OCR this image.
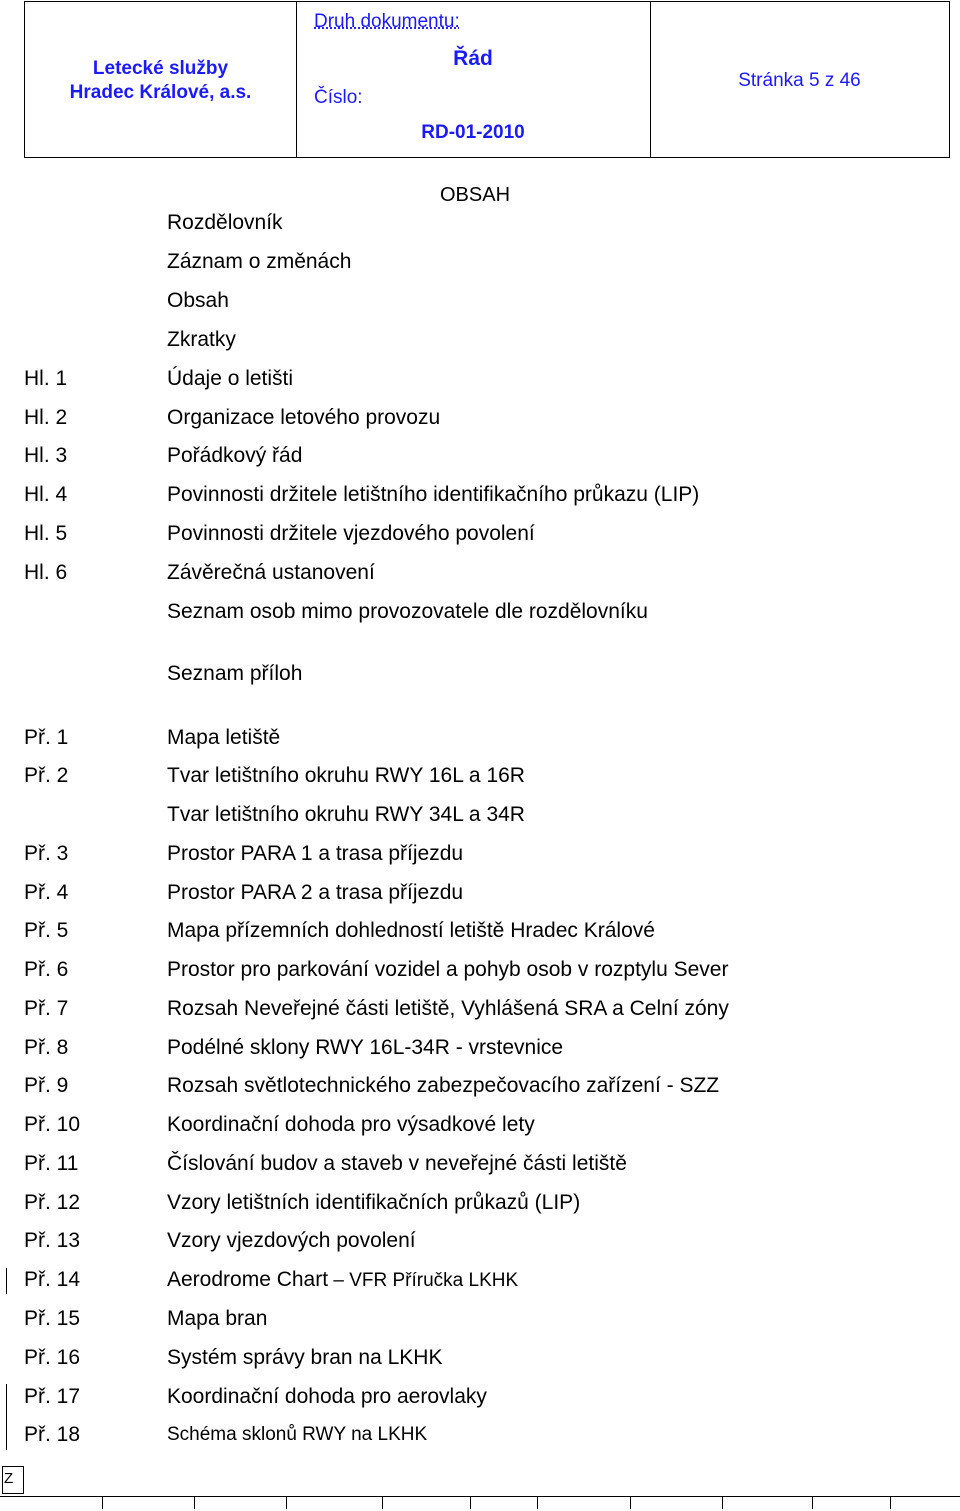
Letecké služby
Hradec Králové, a.s.
Druh dokumentu:
Řád
Číslo:
RD-01-2010
Stránka 5 z 46
OBSAH
Rozdělovník
Záznam o změnách
Obsah
Zkratky
Hl. 1	Údaje o letišti
Hl. 2	Organizace letového provozu
Hl. 3	Pořádkový řád
Hl. 4	Povinnosti držitele letištního identifikačního průkazu (LIP)
Hl. 5	Povinnosti držitele vjezdového povolení
Hl. 6	Závěrečná ustanovení
Seznam osob mimo provozovatele dle rozdělovníku
Seznam příloh
Př. 1	Mapa letiště
Př. 2	Tvar letištního okruhu RWY 16L a 16R
Tvar letištního okruhu RWY 34L a 34R
Př. 3	Prostor PARA 1 a trasa příjezdu
Př. 4	Prostor PARA 2 a trasa příjezdu
Př. 5	Mapa přízemních dohledností letiště Hradec Králové
Př. 6	Prostor pro parkování vozidel a pohyb osob v rozptylu Sever
Př. 7	Rozsah Neveřejné části letiště, Vyhlášená SRA a Celní zóny
Př. 8	Podélné sklony RWY 16L-34R - vrstevnice
Př. 9	Rozsah světlotechnického zabezpečovacího zařízení - SZZ
Př. 10	Koordinační dohoda pro výsadkové lety
Př. 11	Číslování budov a staveb v neveřejné části letiště
Př. 12	Vzory letištních identifikačních průkazů (LIP)
Př. 13	Vzory vjezdových povolení
Př. 14	Aerodrome Chart – VFR Příručka LKHK
Př. 15	Mapa bran
Př. 16	Systém správy bran na LKHK
Př. 17	Koordinační dohoda pro aerovlaky
Př. 18	Schéma sklonů RWY na LKHK
Z
